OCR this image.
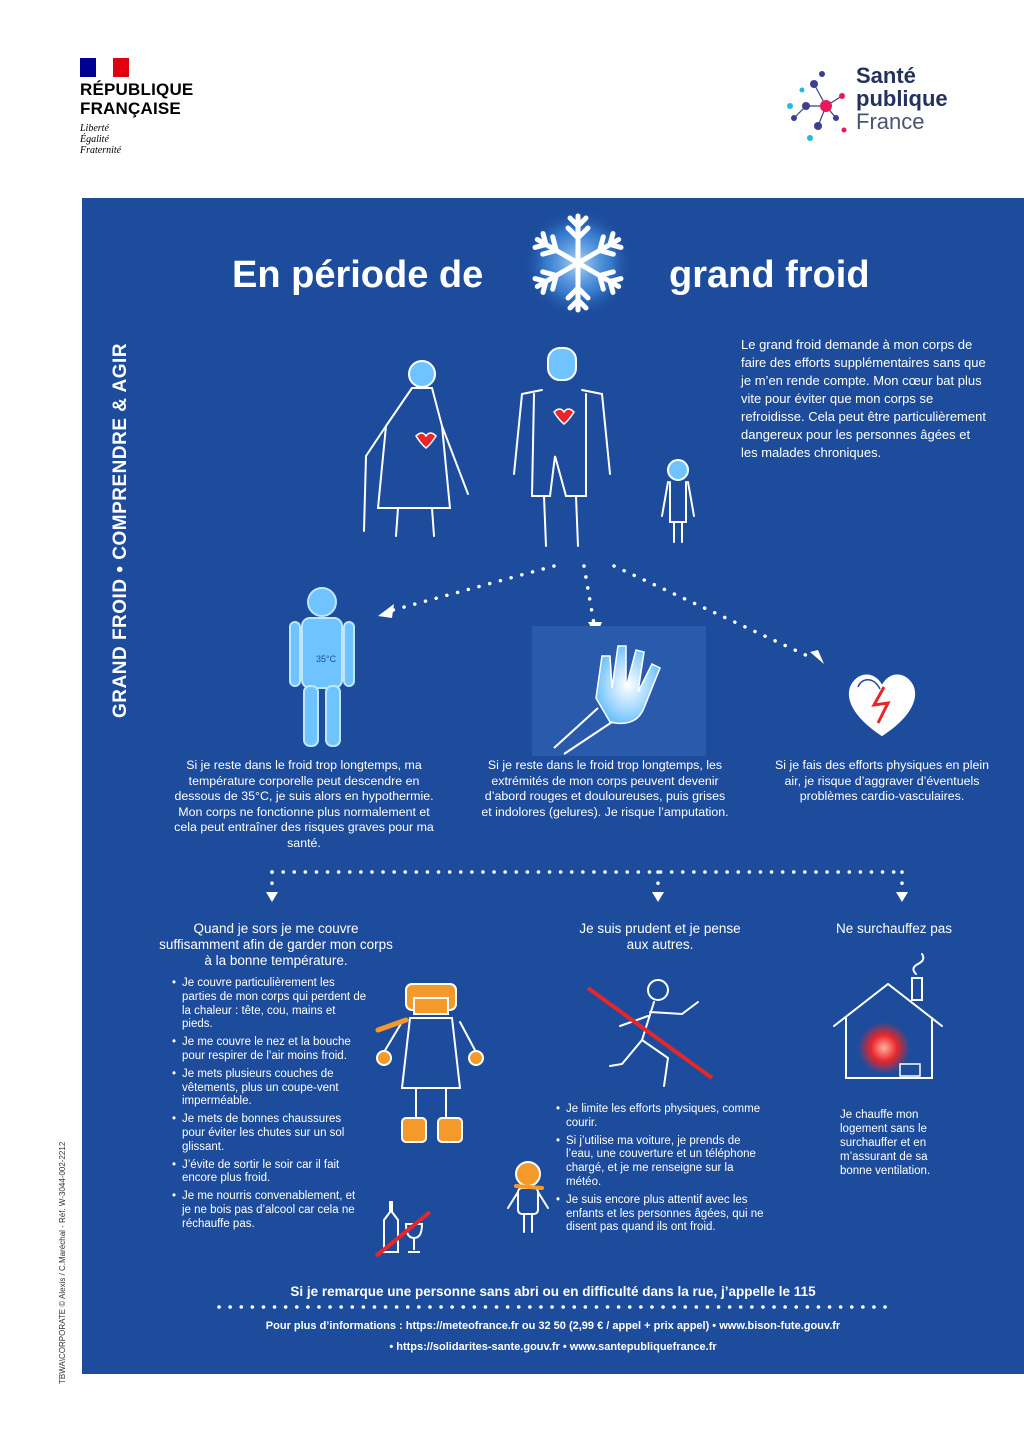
RÉPUBLIQUE
FRANÇAISE
Liberté
Égalité
Fraternité
Santé
publique
France
TBWA\CORPORATE © Alexis / C.Maréchal - Réf. W-3044-002-2212
GRAND FROID • COMPRENDRE & AGIR
En période de	grand froid
Le grand froid demande à mon corps de faire des efforts supplémentaires sans que je m’en rende compte. Mon cœur bat plus vite pour éviter que mon corps se refroidisse. Cela peut être particulièrement dangereux pour les personnes âgées et les malades chroniques.
35°C
Si je reste dans le froid trop longtemps, ma température corporelle peut descendre en dessous de 35°C, je suis alors en hypothermie. Mon corps ne fonctionne plus normalement et cela peut entraîner des risques graves pour ma santé.
Si je reste dans le froid trop longtemps, les extrémités de mon corps peuvent devenir d’abord rouges et douloureuses, puis grises et indolores (gelures). Je risque l’amputation.
Si je fais des efforts physiques en plein air, je risque d’aggraver d’éventuels problèmes cardio-vasculaires.
Quand je sors je me couvre suffisamment afin de garder mon corps à la bonne température.
• Je couvre particulièrement les parties de mon corps qui perdent de la chaleur : tête, cou, mains et pieds.
• Je me couvre le nez et la bouche pour respirer de l’air moins froid.
• Je mets plusieurs couches de vêtements, plus un coupe-vent imperméable.
• Je mets de bonnes chaussures pour éviter les chutes sur un sol glissant.
• J’évite de sortir le soir car il fait encore plus froid.
• Je me nourris convenablement, et je ne bois pas d’alcool car cela ne réchauffe pas.
Je suis prudent et je pense aux autres.
• Je limite les efforts physiques, comme courir.
• Si j’utilise ma voiture, je prends de l’eau, une couverture et un téléphone chargé, et je me renseigne sur la météo.
• Je suis encore plus attentif avec les enfants et les personnes âgées, qui ne disent pas quand ils ont froid.
Ne surchauffez pas
Je chauffe mon logement sans le surchauffer et en m’assurant de sa bonne ventilation.
Si je remarque une personne sans abri ou en difficulté dans la rue, j’appelle le 115
Pour plus d’informations : https://meteofrance.fr ou 32 50 (2,99 € / appel + prix appel) • www.bison-fute.gouv.fr
• https://solidarites-sante.gouv.fr • www.santepubliquefrance.fr
